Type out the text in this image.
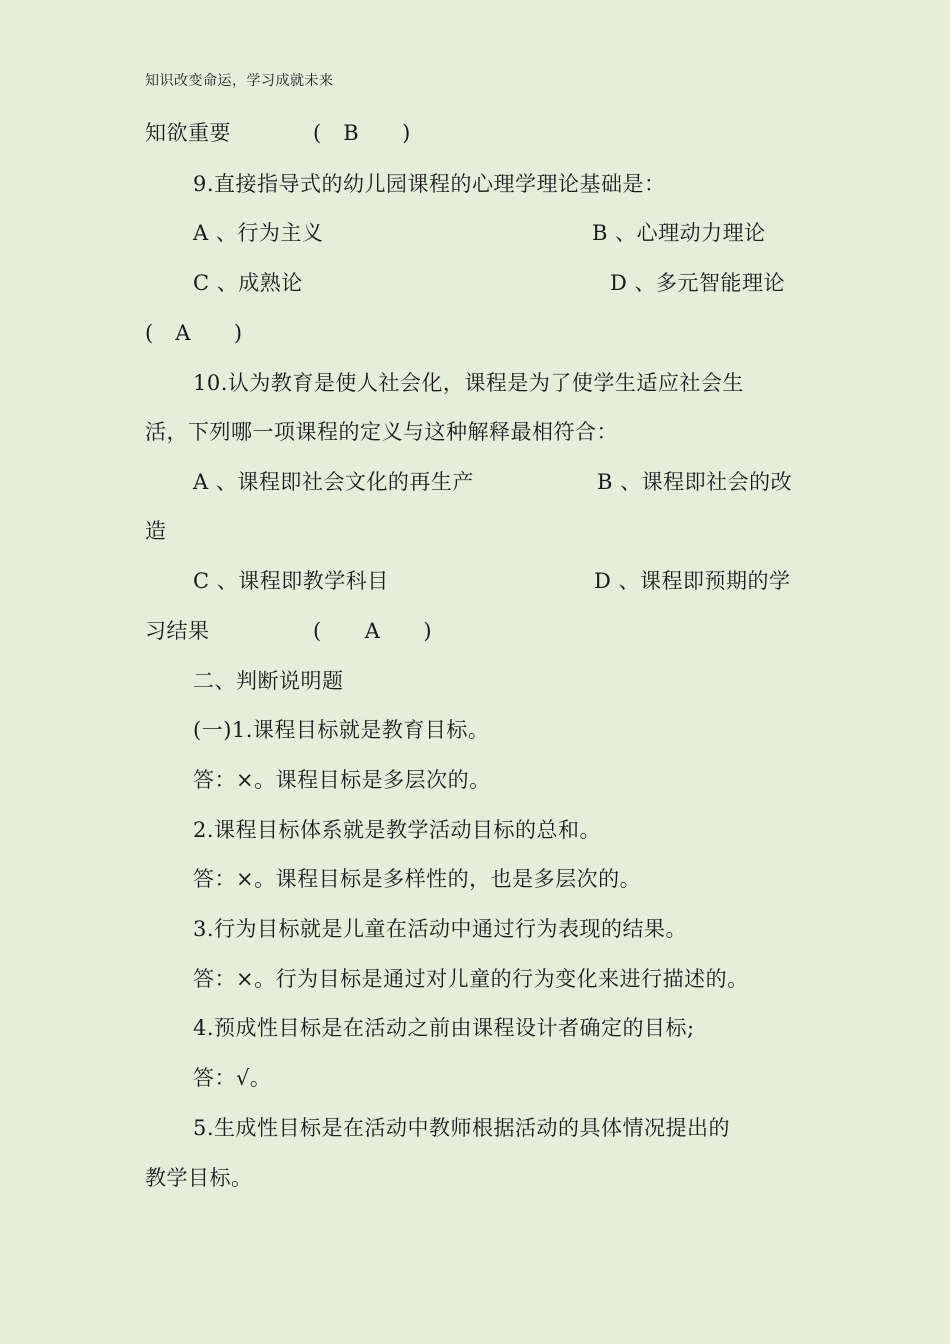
知识改变命运，学习成就未来
知欲重要	(　B　　)
9.直接指导式的幼儿园课程的心理学理论基础是：
A 、行为主义	B 、心理动力理论
C 、成熟论	D 、多元智能理论
(　A　　)
10.认为教育是使人社会化，课程是为了使学生适应社会生
活，下列哪一项课程的定义与这种解释最相符合：
A 、课程即社会文化的再生产	B 、课程即社会的改
造
C 、课程即教学科目	D 、课程即预期的学
习结果	(　　A　　)
二、判断说明题
(一)1.课程目标就是教育目标。
答：×。课程目标是多层次的。
2.课程目标体系就是教学活动目标的总和。
答：×。课程目标是多样性的，也是多层次的。
3.行为目标就是儿童在活动中通过行为表现的结果。
答：×。行为目标是通过对儿童的行为变化来进行描述的。
4.预成性目标是在活动之前由课程设计者确定的目标;
答：√。
5.生成性目标是在活动中教师根据活动的具体情况提出的
教学目标。
